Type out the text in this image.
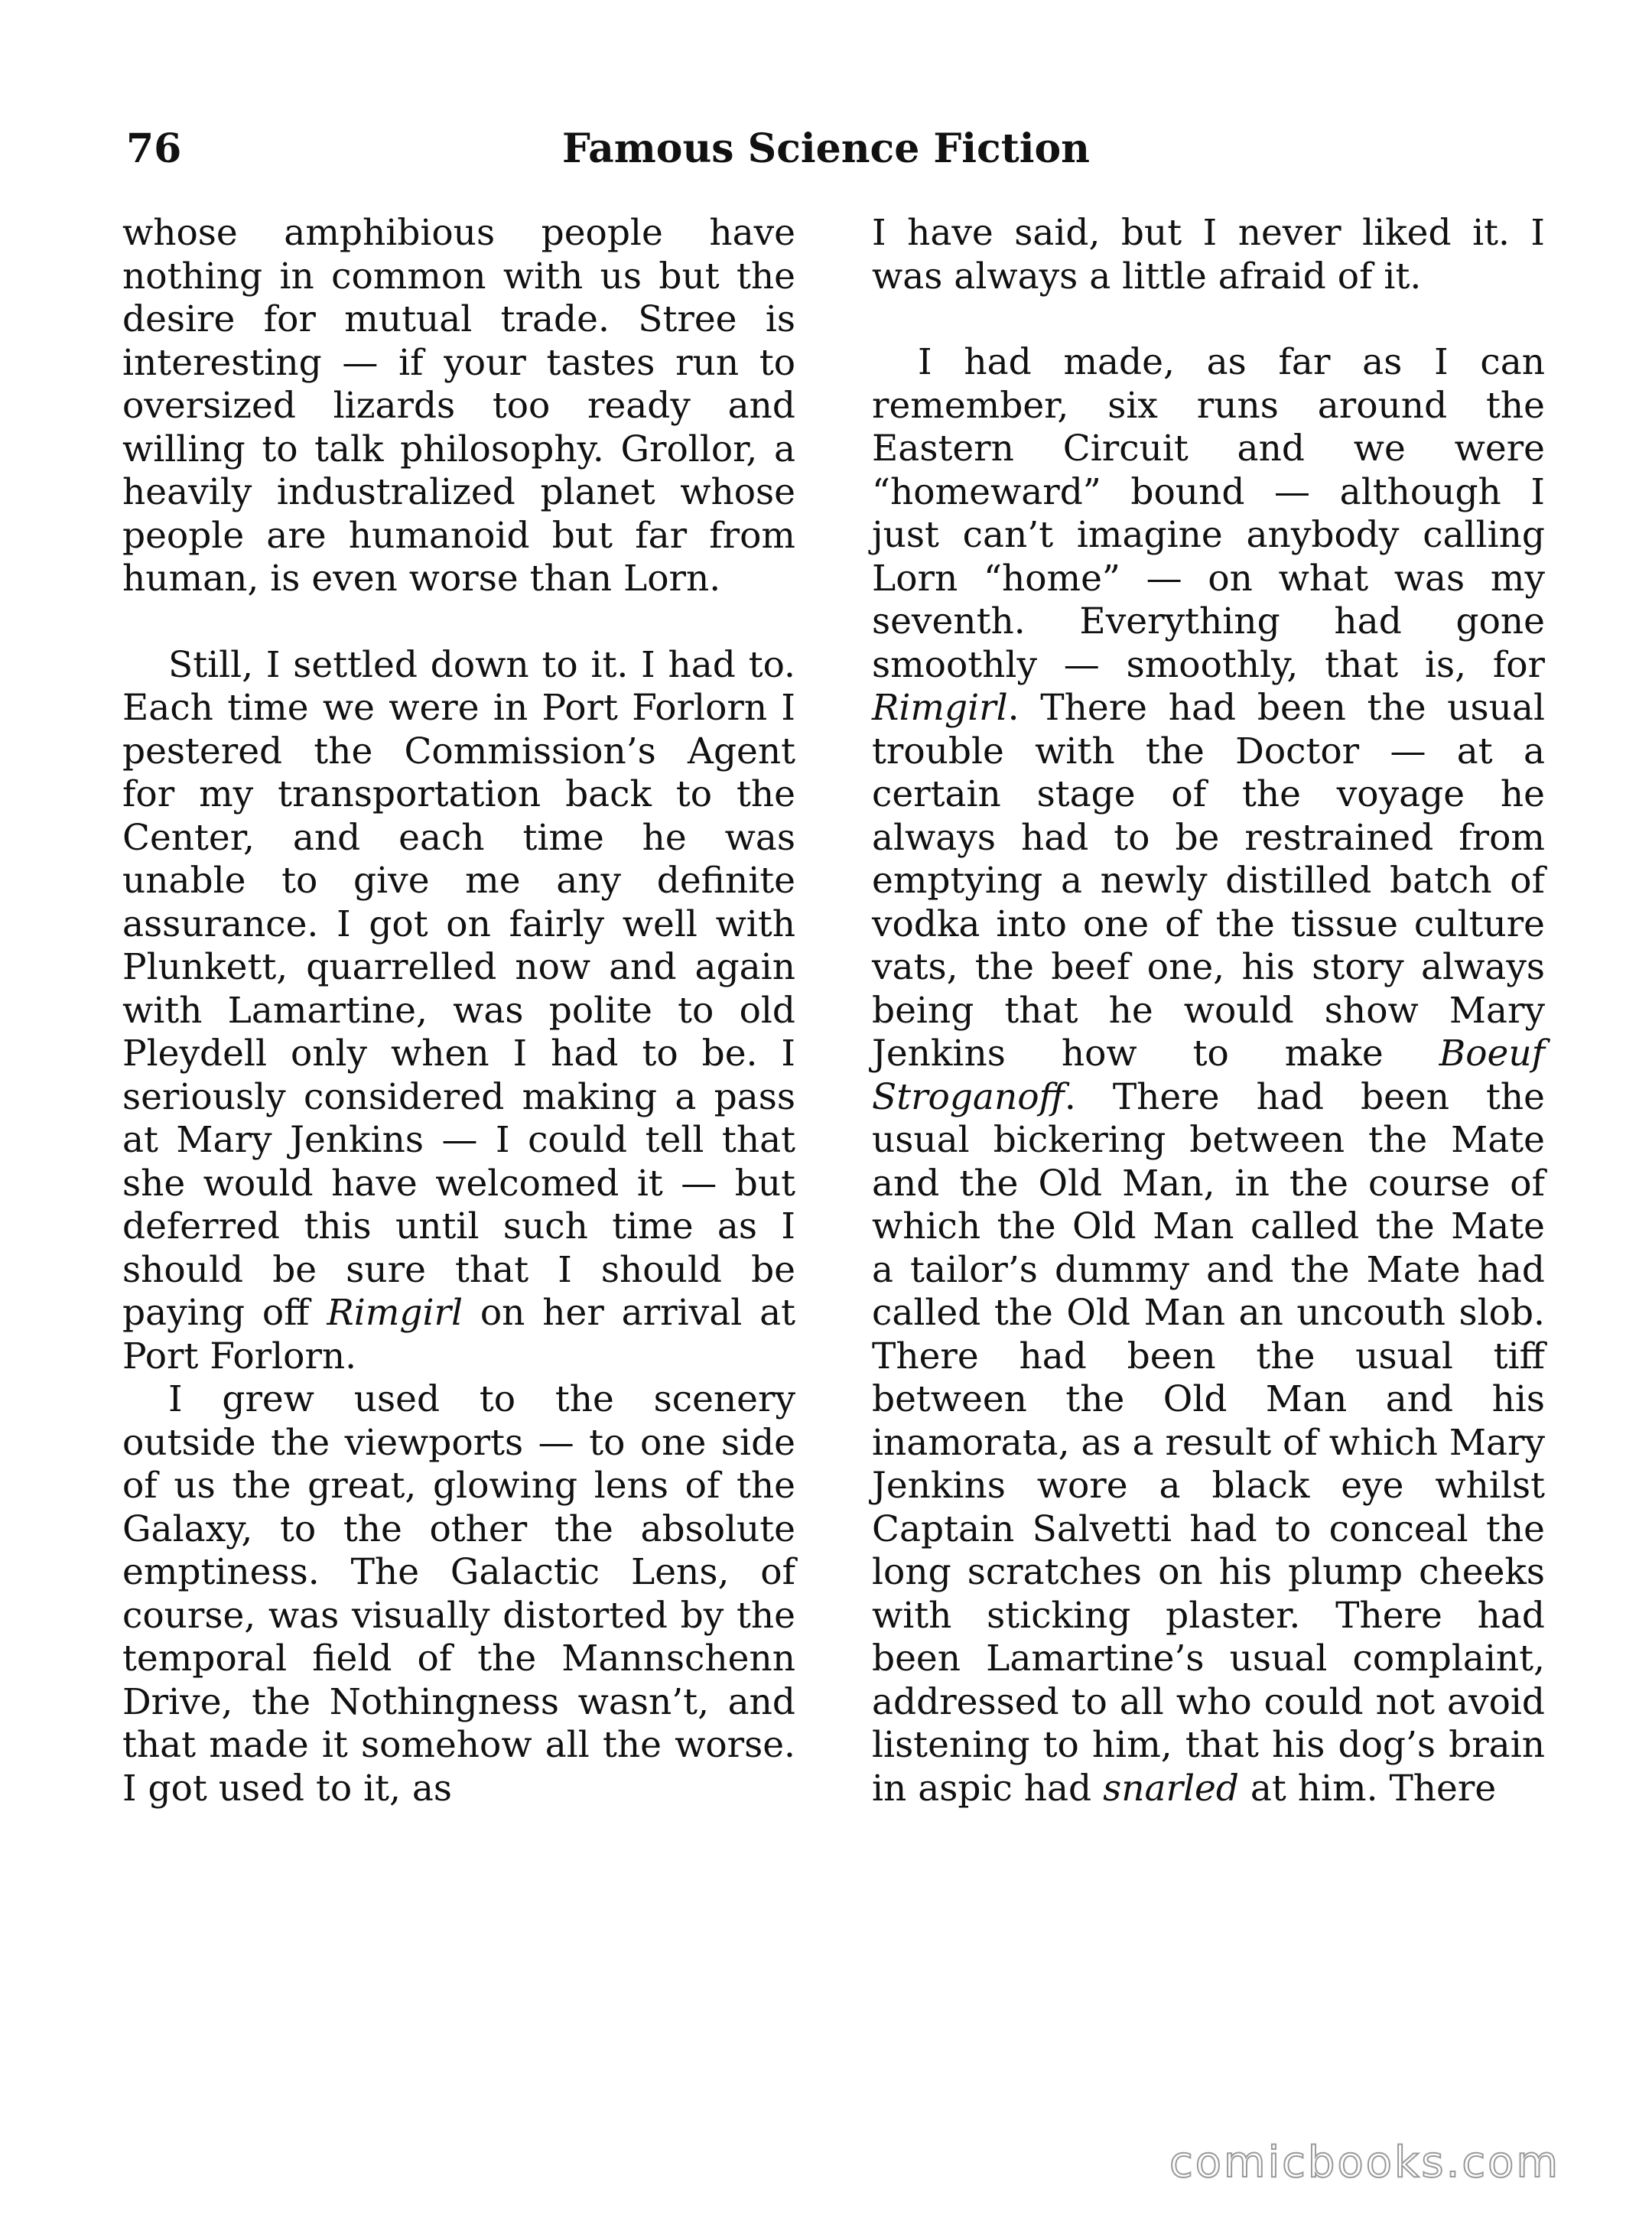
76	Famous Science Fiction

whose amphibious people have nothing in common with us but the desire for mutual trade. Stree is interesting — if your tastes run to oversized lizards too ready and willing to talk philosophy. Grollor, a heavily industralized planet whose people are humanoid but far from human, is even worse than Lorn.

Still, I settled down to it. I had to. Each time we were in Port Forlorn I pestered the Commission’s Agent for my transportation back to the Center, and each time he was unable to give me any definite assurance. I got on fairly well with Plunkett, quarrelled now and again with Lamartine, was polite to old Pleydell only when I had to be. I seriously considered making a pass at Mary Jenkins — I could tell that she would have welcomed it — but deferred this until such time as I should be sure that I should be paying off Rimgirl on her arrival at Port Forlorn.

I grew used to the scenery outside the viewports — to one side of us the great, glowing lens of the Galaxy, to the other the absolute emptiness. The Galactic Lens, of course, was visually distorted by the temporal field of the Mannschenn Drive, the Nothingness wasn’t, and that made it somehow all the worse. I got used to it, as

I have said, but I never liked it. I was always a little afraid of it.

I had made, as far as I can remember, six runs around the Eastern Circuit and we were “homeward” bound — although I just can’t imagine anybody calling Lorn “home” — on what was my seventh. Everything had gone smoothly — smoothly, that is, for Rimgirl. There had been the usual trouble with the Doctor — at a certain stage of the voyage he always had to be restrained from emptying a newly distilled batch of vodka into one of the tissue culture vats, the beef one, his story always being that he would show Mary Jenkins how to make Boeuf Stroganoff. There had been the usual bickering between the Mate and the Old Man, in the course of which the Old Man called the Mate a tailor’s dummy and the Mate had called the Old Man an uncouth slob. There had been the usual tiff between the Old Man and his inamorata, as a result of which Mary Jenkins wore a black eye whilst Captain Salvetti had to conceal the long scratches on his plump cheeks with sticking plaster. There had been Lamartine’s usual complaint, addressed to all who could not avoid listening to him, that his dog’s brain in aspic had snarled at him. There

comicbooks.com
